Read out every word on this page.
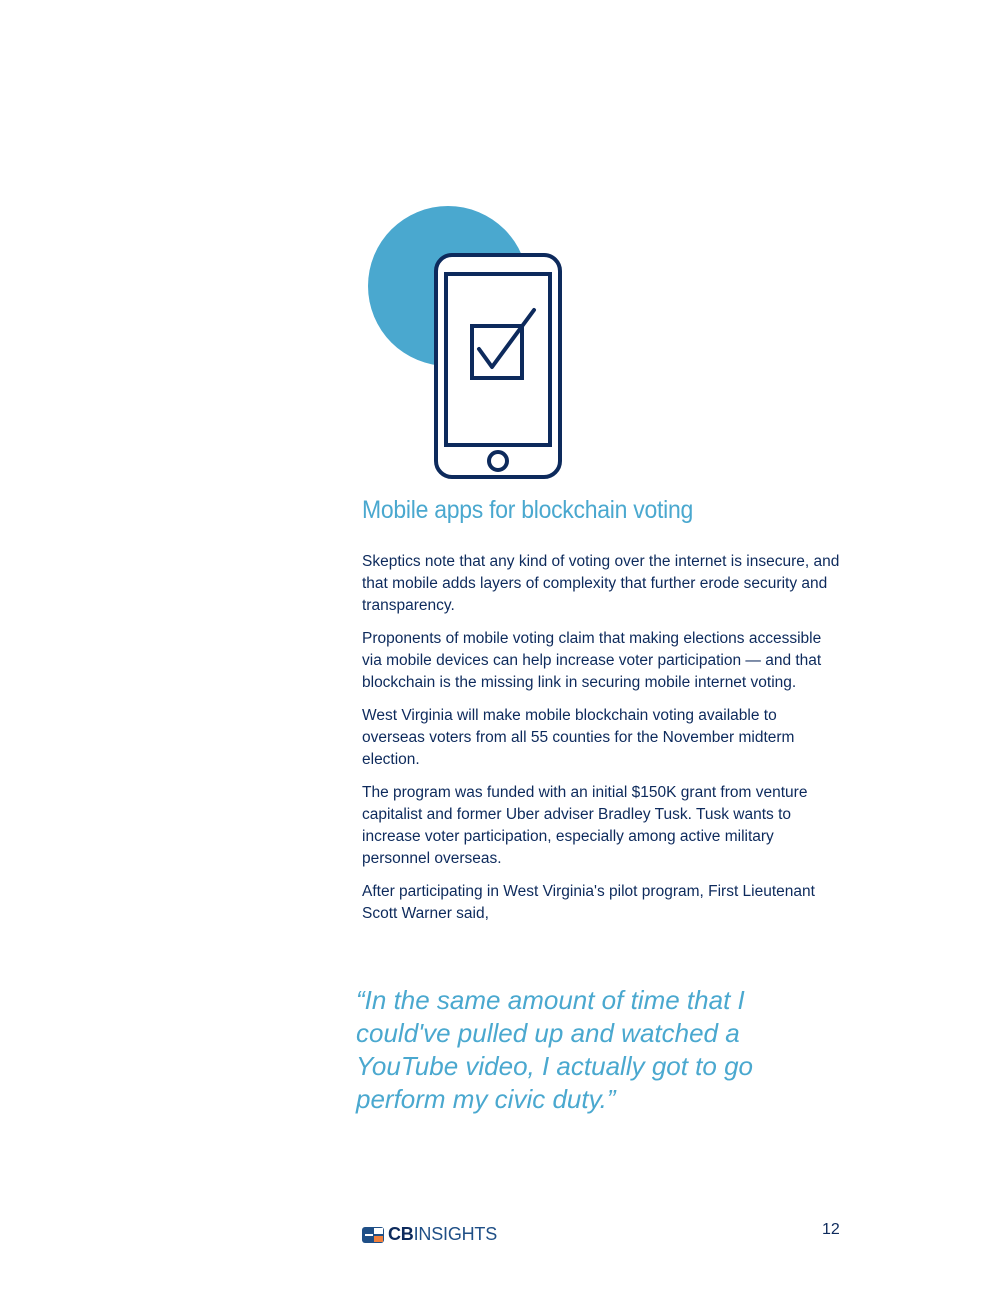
Mobile apps for blockchain voting

Skeptics note that any kind of voting over the internet is insecure, and that mobile adds layers of complexity that further erode security and transparency.

Proponents of mobile voting claim that making elections accessible via mobile devices can help increase voter participation — and that blockchain is the missing link in securing mobile internet voting.

West Virginia will make mobile blockchain voting available to overseas voters from all 55 counties for the November midterm election.

The program was funded with an initial $150K grant from venture capitalist and former Uber adviser Bradley Tusk. Tusk wants to increase voter participation, especially among active military personnel overseas.

After participating in West Virginia's pilot program, First Lieutenant Scott Warner said,

“In the same amount of time that I could've pulled up and watched a YouTube video, I actually got to go perform my civic duty.”
CBINSIGHTS	12
